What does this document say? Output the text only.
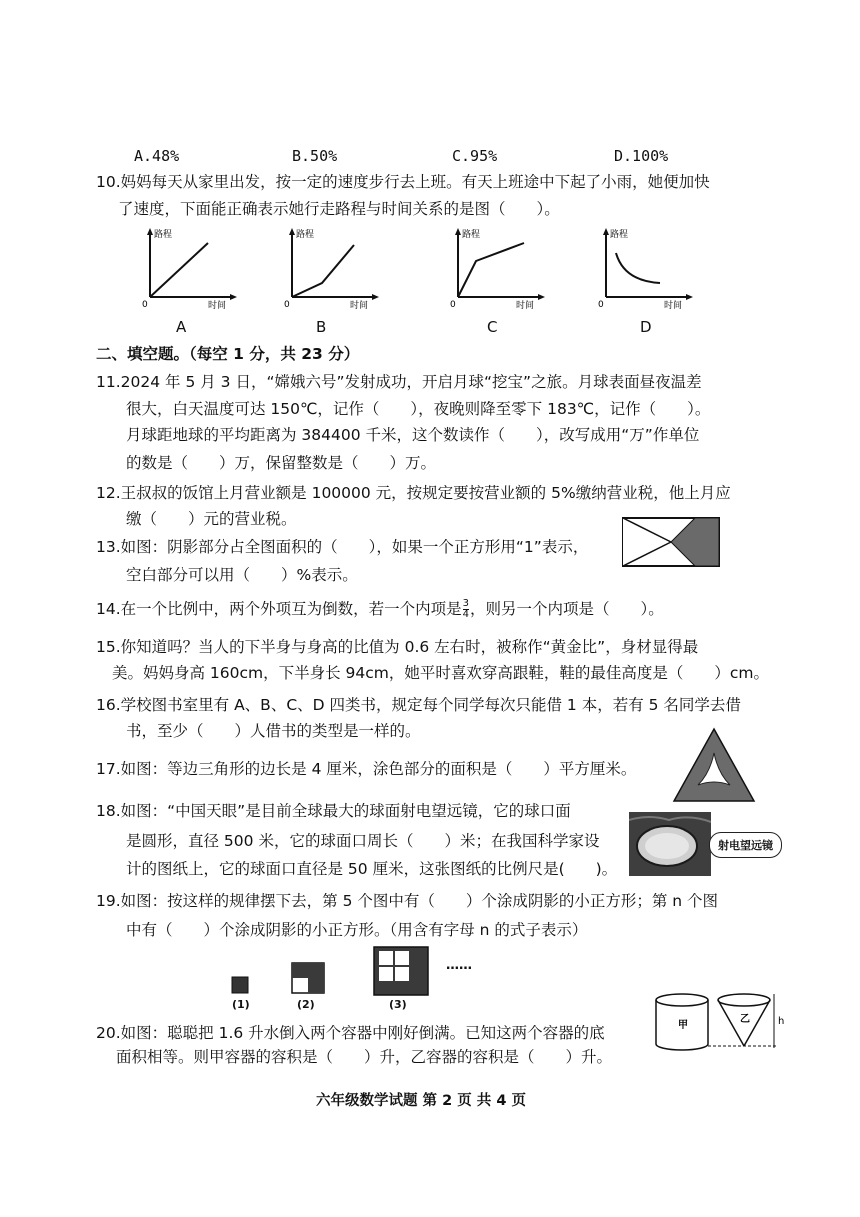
A.48%	B.50%	C.95%	D.100%
10.妈妈每天从家里出发，按一定的速度步行去上班。有天上班途中下起了小雨，她便加快
了速度，下面能正确表示她行走路程与时间关系的是图（　　）。
路程
时间
0
路程
时间
0
路程
时间
0
路程
时间
0
A	B	C	D
二、填空题。（每空 1 分，共 23 分）
11.2024 年 5 月 3 日，“嫦娥六号”发射成功，开启月球“挖宝”之旅。月球表面昼夜温差
很大，白天温度可达 150℃，记作（　　），夜晚则降至零下 183℃，记作（　　）。
月球距地球的平均距离为 384400 千米，这个数读作（　　），改写成用“万”作单位
的数是（　　）万，保留整数是（　　）万。
12.王叔叔的饭馆上月营业额是 100000 元，按规定要按营业额的 5%缴纳营业税，他上月应
缴（　　）元的营业税。
13.如图：阴影部分占全图面积的（　　），如果一个正方形用“1”表示，
空白部分可以用（　　）%表示。
14.在一个比例中，两个外项互为倒数，若一个内项是 $\frac{3}{4}$ ，则另一个内项是（　　）。
15.你知道吗？当人的下半身与身高的比值为 0.6 左右时，被称作“黄金比”，身材显得最
美。妈妈身高 160cm，下半身长 94cm，她平时喜欢穿高跟鞋，鞋的最佳高度是（　　）cm。
16.学校图书室里有 A、B、C、D 四类书，规定每个同学每次只能借 1 本，若有 5 名同学去借
书，至少（　　）人借书的类型是一样的。
17.如图：等边三角形的边长是 4 厘米，涂色部分的面积是（　　）平方厘米。
18.如图：“中国天眼”是目前全球最大的球面射电望远镜，它的球口面
是圆形，直径 500 米，它的球面口周长（　　）米；在我国科学家设
计的图纸上，它的球面口直径是 50 厘米，这张图纸的比例尺是(　　)。
射电望远镜
19.如图：按这样的规律摆下去，第 5 个图中有（　　）个涂成阴影的小正方形；第 n 个图
中有（　　）个涂成阴影的小正方形。（用含有字母 n 的式子表示）
(1)	(2)	(3)
……
20.如图：聪聪把 1.6 升水倒入两个容器中刚好倒满。已知这两个容器的底
面积相等。则甲容器的容积是（　　）升，乙容器的容积是（　　）升。
甲
乙	h
六年级数学试题 第 2 页 共 4 页
